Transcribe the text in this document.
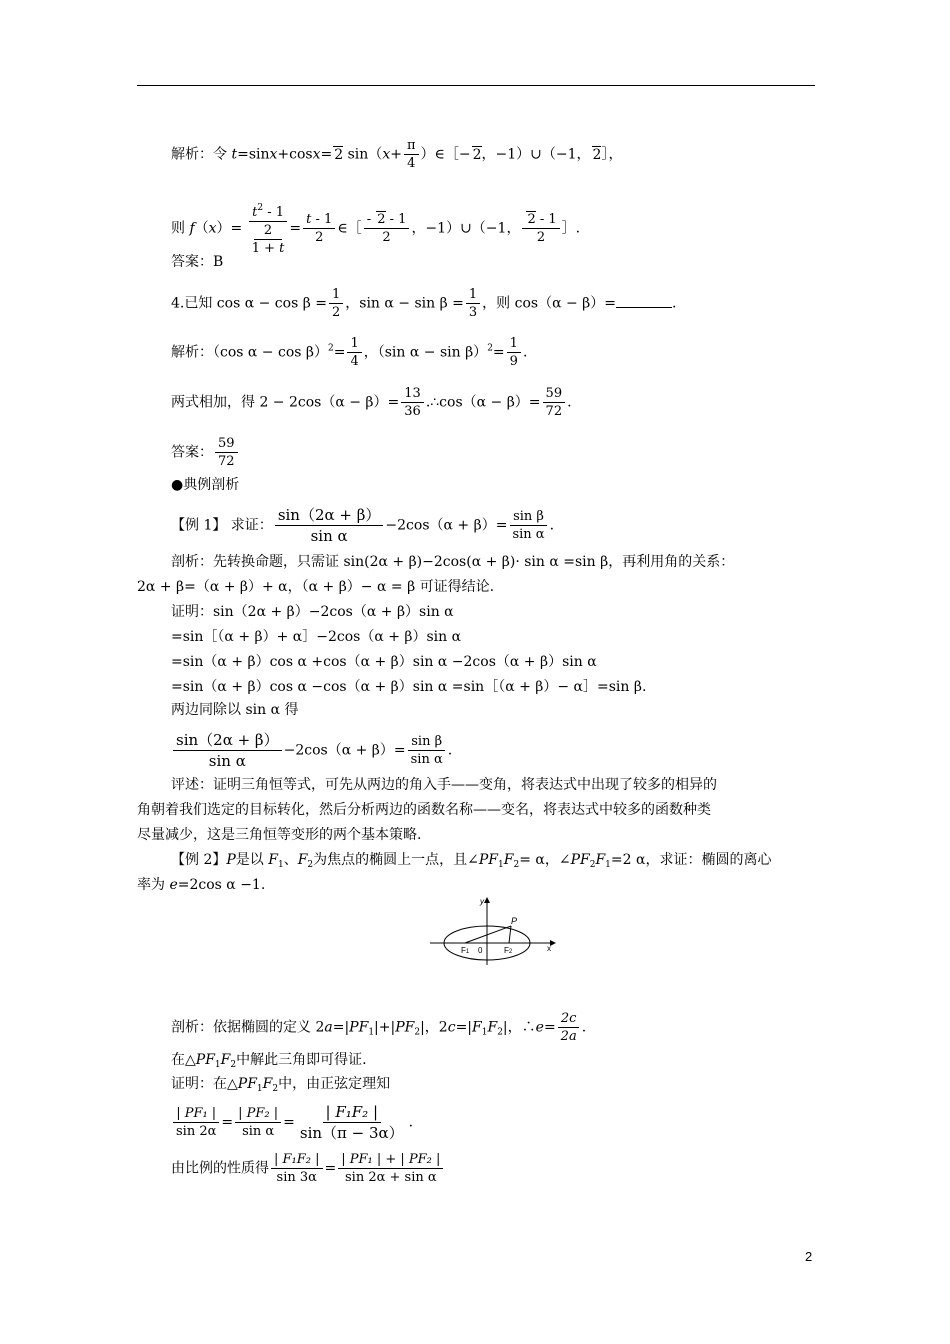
解析：令 t=sinx+cosx= 2 $\sin(x+ \frac{\pi}{4}$ ）∈［− 2，−1）∪（−1， 2］，
则 f（x）=
$t^2 - 1$
2
1 + t
= $\frac{t - 1}{2}$ ∈［ $\frac{- 2 - 1}{2}$ ，−1）∪（−1， $\frac{2 - 1}{2}$ ］.
答案：B
4.已知 $\cos \alpha - \cos \beta = \frac{1}{2}$ ，$\sin \alpha - \sin \beta = \frac{1}{3}$ ，则 cos（α − β）=	.
解析：（cos $\alpha - \cos \beta)^2= \frac{1}{4}$ ，（sin $\alpha - \sin \beta)^2= \frac{1}{9}$ .
两式相加，得 $2 - 2\cos(\alpha - \beta)= \frac{13}{36}$ .∴cos（α − $\beta)= \frac{59}{72}$ .
答案： $\frac{59}{72}$
●典例剖析
【例 1】 求证： $\frac{\sin(2\alpha + \beta)}{\text{sin α}} -2\cos(\alpha + \beta)= \frac{\text{sin β}}{\text{sin α}}$ .
剖析：先转换命题，只需证 sin(2α + β)−2cos(α + β)· sin α =sin β，再利用角的关系：
2α + β=（α + β）+ α，（α + β）− α = β 可证得结论.
证明：sin（2α + β）−2cos（α + β）sin α
=sin［（α + β）+ α］−2cos（α + β）sin α
=sin（α + β）cos α +cos（α + β）sin α −2cos（α + β）sin α
=sin（α + β）cos α −cos（α + β）sin α =sin［（α + β）− α］=sin β.
两边同除以 sin α 得
$\frac{\sin(2\alpha + \beta)}{\text{sin α}} -2\cos(\alpha + \beta)= \frac{\text{sin β}}{\text{sin α}}$ .
评述：证明三角恒等式，可先从两边的角入手——变角，将表达式中出现了较多的相异的
角朝着我们选定的目标转化，然后分析两边的函数名称——变名，将表达式中较多的函数种类
尽量减少，这是三角恒等变形的两个基本策略.
【例 2】P是以 $F_1$、$F_2$为焦点的椭圆上一点，且$\angle PF_1F_2= \alpha$，$\angle PF_2F_1=2$ α，求证：椭圆的离心
率为 e=2cos α −1.
y
P
F1 0	F2	x
剖析：依据椭圆的定义 $2a=|PF_1|+|PF_2|$，$2c=|F_1F_2|$，∴e= $\frac{2c}{2a}$ .
在$\triangle PF_1F_2$中解此三角即可得证.
证明：在$\triangle PF_1F_2$中，由正弦定理知
$\frac{\text{| PF₁ |}}{\sin 2\alpha} = \frac{\text{| PF₂ |}}{\text{sin α}} = \frac{\text{| F₁F₂ |}}{\sin(\pi - 3\alpha)}$ .
由比例的性质得 $\frac{\text{| F₁F₂ |}}{\sin 3\alpha} = \frac{\text{| PF₁ | + | PF₂ |}}{\text{sin 2α + sin α}}$
2
